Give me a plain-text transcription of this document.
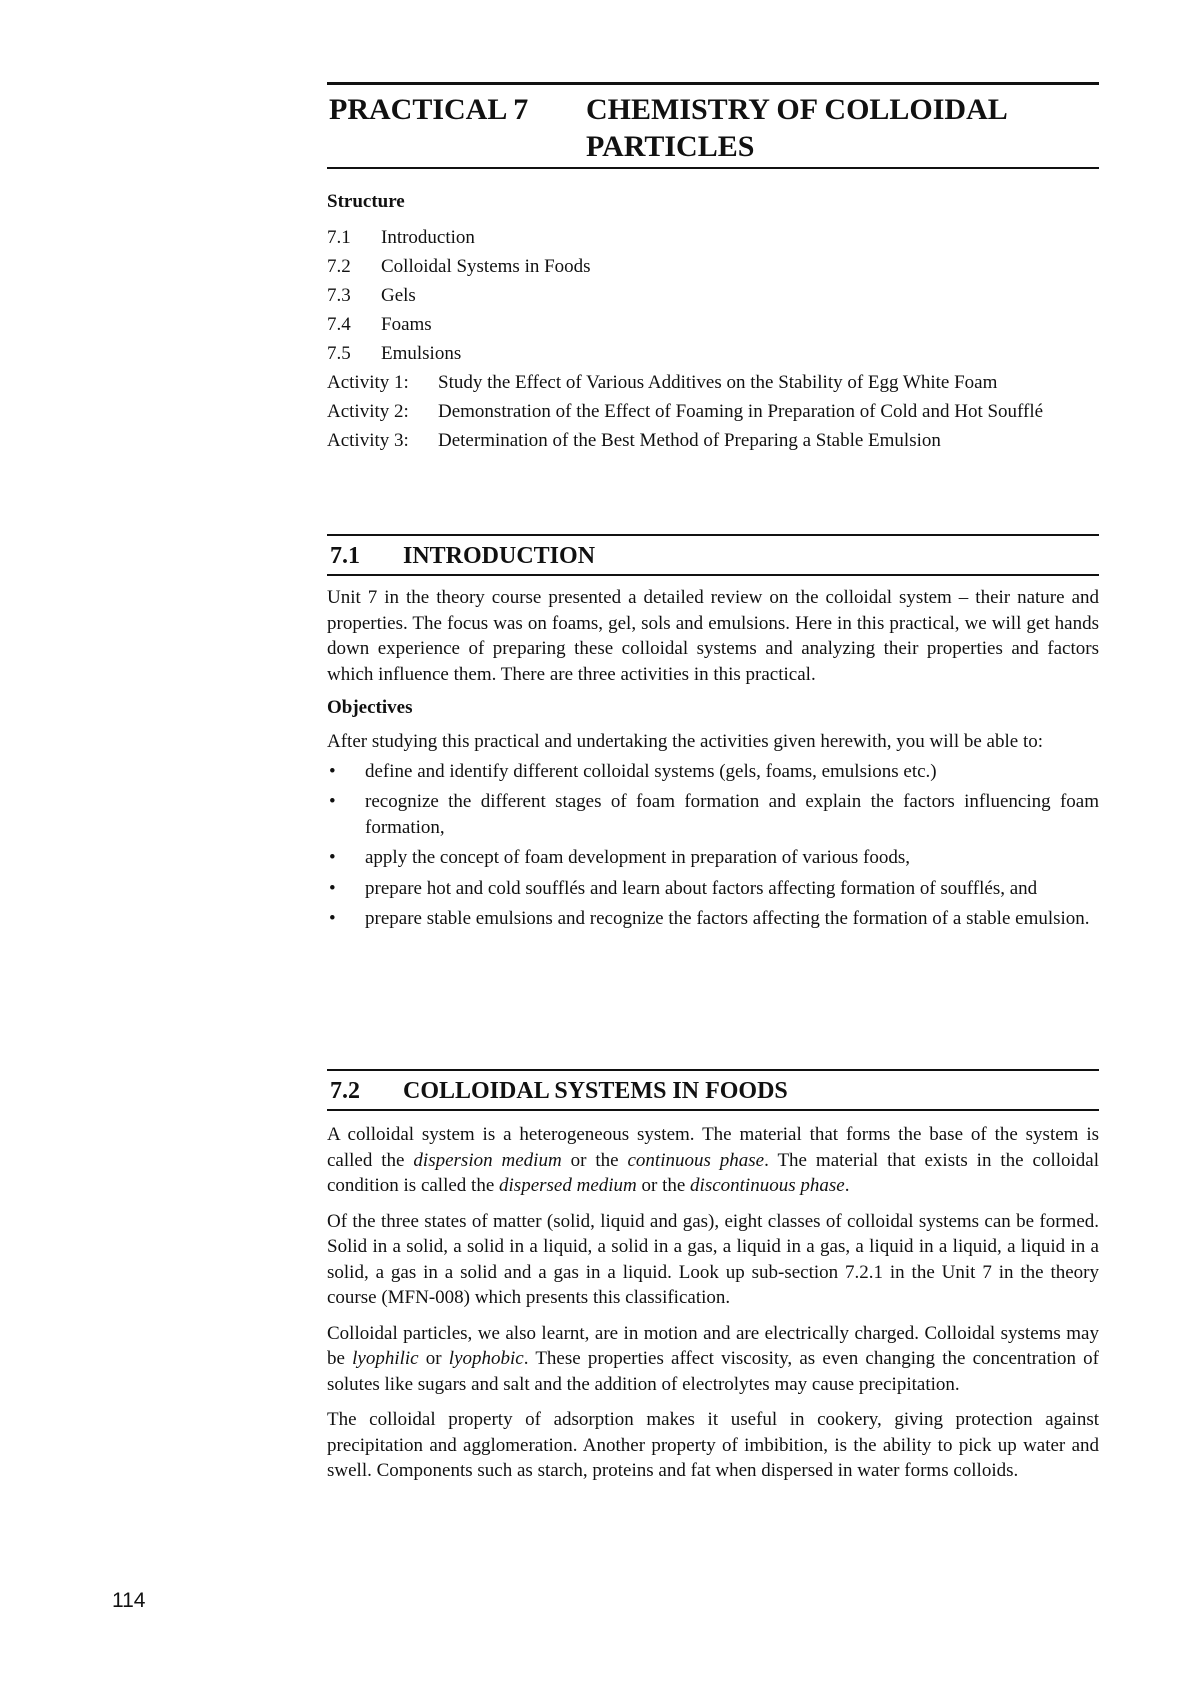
PRACTICAL 7	CHEMISTRY OF COLLOIDAL PARTICLES

Structure

7.1	Introduction
7.2	Colloidal Systems in Foods
7.3	Gels
7.4	Foams
7.5	Emulsions
Activity 1:	Study the Effect of Various Additives on the Stability of Egg White Foam
Activity 2:	Demonstration of the Effect of Foaming in Preparation of Cold and Hot Soufflé
Activity 3:	Determination of the Best Method of Preparing a Stable Emulsion
7.1	INTRODUCTION

Unit 7 in the theory course presented a detailed review on the colloidal system – their nature and properties. The focus was on foams, gel, sols and emulsions. Here in this practical, we will get hands down experience of preparing these colloidal systems and analyzing their properties and factors which influence them. There are three activities in this practical.

Objectives

After studying this practical and undertaking the activities given herewith, you will be able to:

•	define and identify different colloidal systems (gels, foams, emulsions etc.)
•	recognize the different stages of foam formation and explain the factors influencing foam formation,
•	apply the concept of foam development in preparation of various foods,
•	prepare hot and cold soufflés and learn about factors affecting formation of soufflés, and
•	prepare stable emulsions and recognize the factors affecting the formation of a stable emulsion.
7.2	COLLOIDAL SYSTEMS IN FOODS

A colloidal system is a heterogeneous system. The material that forms the base of the system is called the dispersion medium or the continuous phase. The material that exists in the colloidal condition is called the dispersed medium or the discontinuous phase.

Of the three states of matter (solid, liquid and gas), eight classes of colloidal systems can be formed. Solid in a solid, a solid in a liquid, a solid in a gas, a liquid in a gas, a liquid in a liquid, a liquid in a solid, a gas in a solid and a gas in a liquid. Look up sub-section 7.2.1 in the Unit 7 in the theory course (MFN-008) which presents this classification.

Colloidal particles, we also learnt, are in motion and are electrically charged. Colloidal systems may be lyophilic or lyophobic. These properties affect viscosity, as even changing the concentration of solutes like sugars and salt and the addition of electrolytes may cause precipitation.

The colloidal property of adsorption makes it useful in cookery, giving protection against precipitation and agglomeration. Another property of imbibition, is the ability to pick up water and swell. Components such as starch, proteins and fat when dispersed in water forms colloids.

114
